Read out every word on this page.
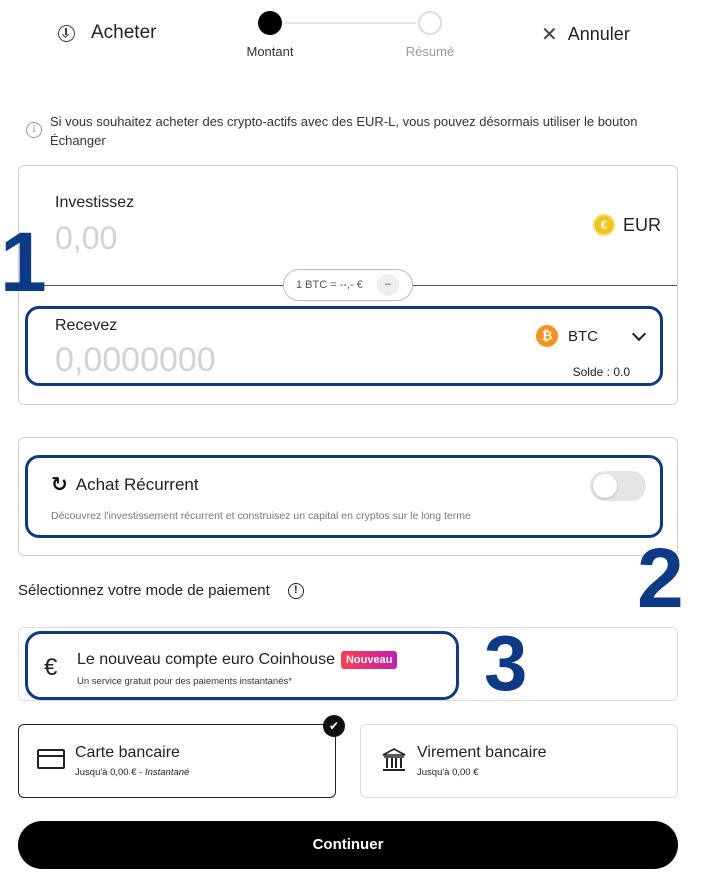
Acheter
Montant	Résumé
✕ Annuler
i
Si vous souhaitez acheter des crypto-actifs avec des EUR-L, vous pouvez désormais utiliser le bouton Échanger
Investissez
0,00	€ EUR
1 BTC = --,- €	--
Recevez
0,0000000
₿	BTC
Solde : 0.0
1
↻ Achat Récurrent
Découvrez l'investissement récurrent et construisez un capital en cryptos sur le long terme
2
Sélectionnez votre mode de paiement	!
€ Le nouveau compte euro Coinhouse	Nouveau
Un service gratuit pour des paiements instantanés* 3
✔
Carte bancaire
Jusqu'à 0,00 € - Instantané
Virement bancaire
Jusqu'à 0,00 €
Continuer
